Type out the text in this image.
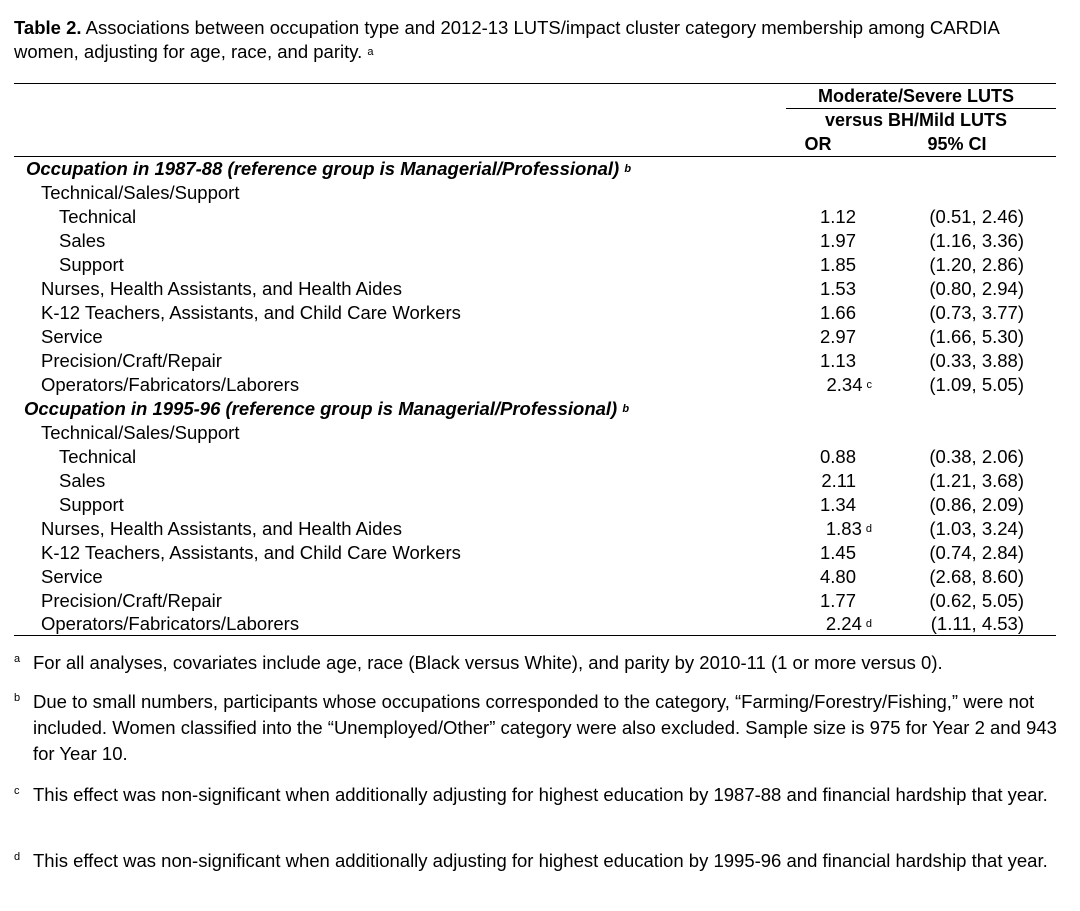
Table 2. Associations between occupation type and 2012-13 LUTS/impact cluster category membership among CARDIA women, adjusting for age, race, and parity. $^a$
Moderate/Severe LUTS
versus BH/Mild LUTS
OR	95% CI
Occupation in 1987-88 (reference group is Managerial/Professional) $^b$
Technical/Sales/Support
Technical	1.12	(0.51, 2.46)
Sales	1.97	(1.16, 3.36)
Support	1.85	(1.20, 2.86)
Nurses, Health Assistants, and Health Aides	1.53	(0.80, 2.94)
K-12 Teachers, Assistants, and Child Care Workers	1.66	(0.73, 3.77)
Service	2.97	(1.66, 5.30)
Precision/Craft/Repair	1.13	(0.33, 3.88)
Operators/Fabricators/Laborers	2.34 $^c$	(1.09, 5.05)
Occupation in 1995-96 (reference group is Managerial/Professional) $^b$
Technical/Sales/Support
Technical	0.88	(0.38, 2.06)
Sales	2.11	(1.21, 3.68)
Support	1.34	(0.86, 2.09)
Nurses, Health Assistants, and Health Aides	1.83 $^d$	(1.03, 3.24)
K-12 Teachers, Assistants, and Child Care Workers	1.45	(0.74, 2.84)
Service	4.80	(2.68, 8.60)
Precision/Craft/Repair	1.77	(0.62, 5.05)
Operators/Fabricators/Laborers	2.24 $^d$	(1.11, 4.53)
a For all analyses, covariates include age, race (Black versus White), and parity by 2010-11 (1 or more versus 0).
b Due to small numbers, participants whose occupations corresponded to the category, “Farming/Forestry/Fishing,” were not included. Women classified into the “Unemployed/Other” category were also excluded. Sample size is 975 for Year 2 and 943 for Year 10.
c This effect was non-significant when additionally adjusting for highest education by 1987-88 and financial hardship that year.
d This effect was non-significant when additionally adjusting for highest education by 1995-96 and financial hardship that year.
